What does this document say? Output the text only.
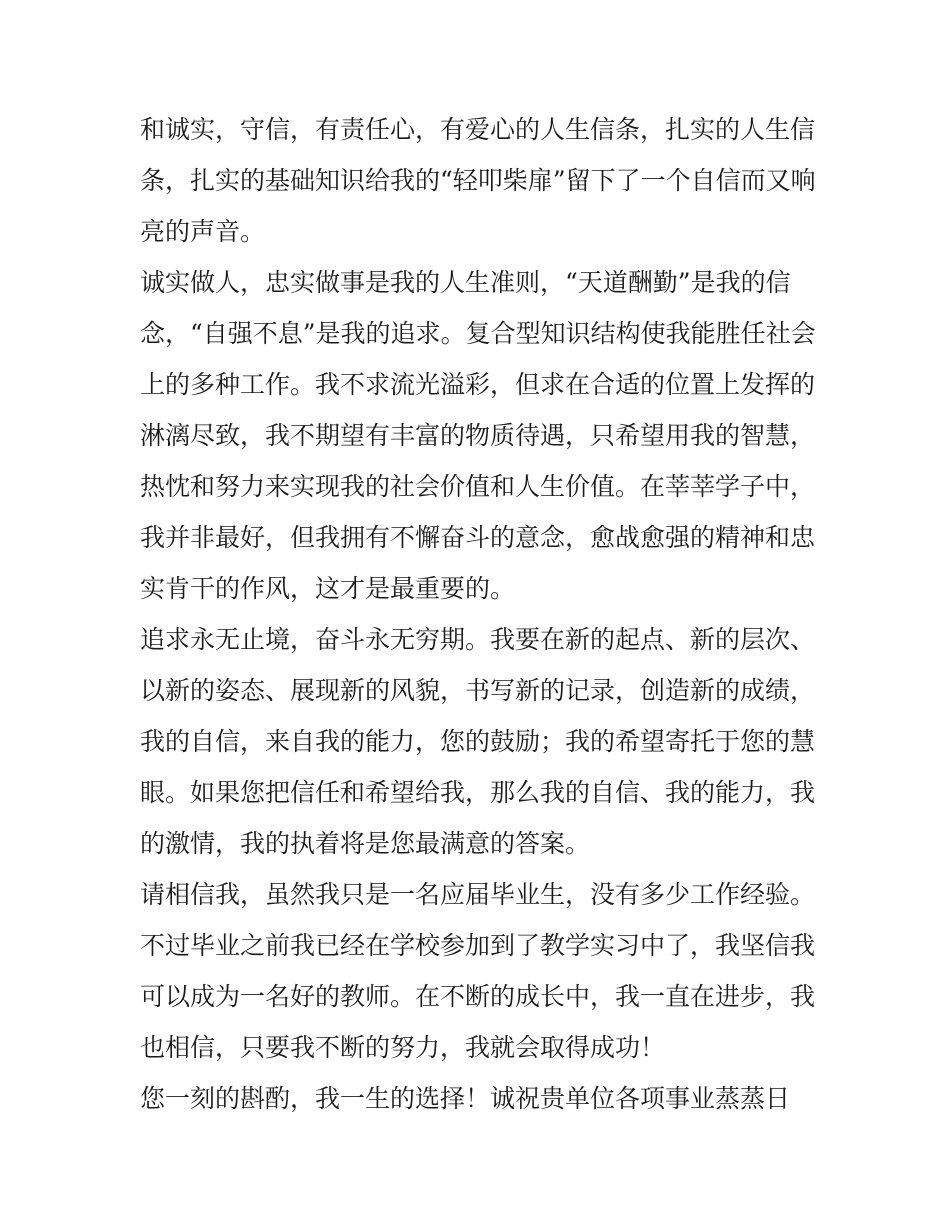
和诚实，守信，有责任心，有爱心的人生信条，扎实的人生信
条，扎实的基础知识给我的“轻叩柴扉”留下了一个自信而又响
亮的声音。
诚实做人，忠实做事是我的人生准则，“天道酬勤”是我的信
念，“自强不息”是我的追求。复合型知识结构使我能胜任社会
上的多种工作。我不求流光溢彩，但求在合适的位置上发挥的
淋漓尽致，我不期望有丰富的物质待遇，只希望用我的智慧，
热忱和努力来实现我的社会价值和人生价值。在莘莘学子中，
我并非最好，但我拥有不懈奋斗的意念，愈战愈强的精神和忠
实肯干的作风，这才是最重要的。
追求永无止境，奋斗永无穷期。我要在新的起点、新的层次、
以新的姿态、展现新的风貌，书写新的记录，创造新的成绩，
我的自信，来自我的能力，您的鼓励；我的希望寄托于您的慧
眼。如果您把信任和希望给我，那么我的自信、我的能力，我
的激情，我的执着将是您最满意的答案。
请相信我，虽然我只是一名应届毕业生，没有多少工作经验。
不过毕业之前我已经在学校参加到了教学实习中了，我坚信我
可以成为一名好的教师。在不断的成长中，我一直在进步，我
也相信，只要我不断的努力，我就会取得成功！
您一刻的斟酌，我一生的选择！诚祝贵单位各项事业蒸蒸日
